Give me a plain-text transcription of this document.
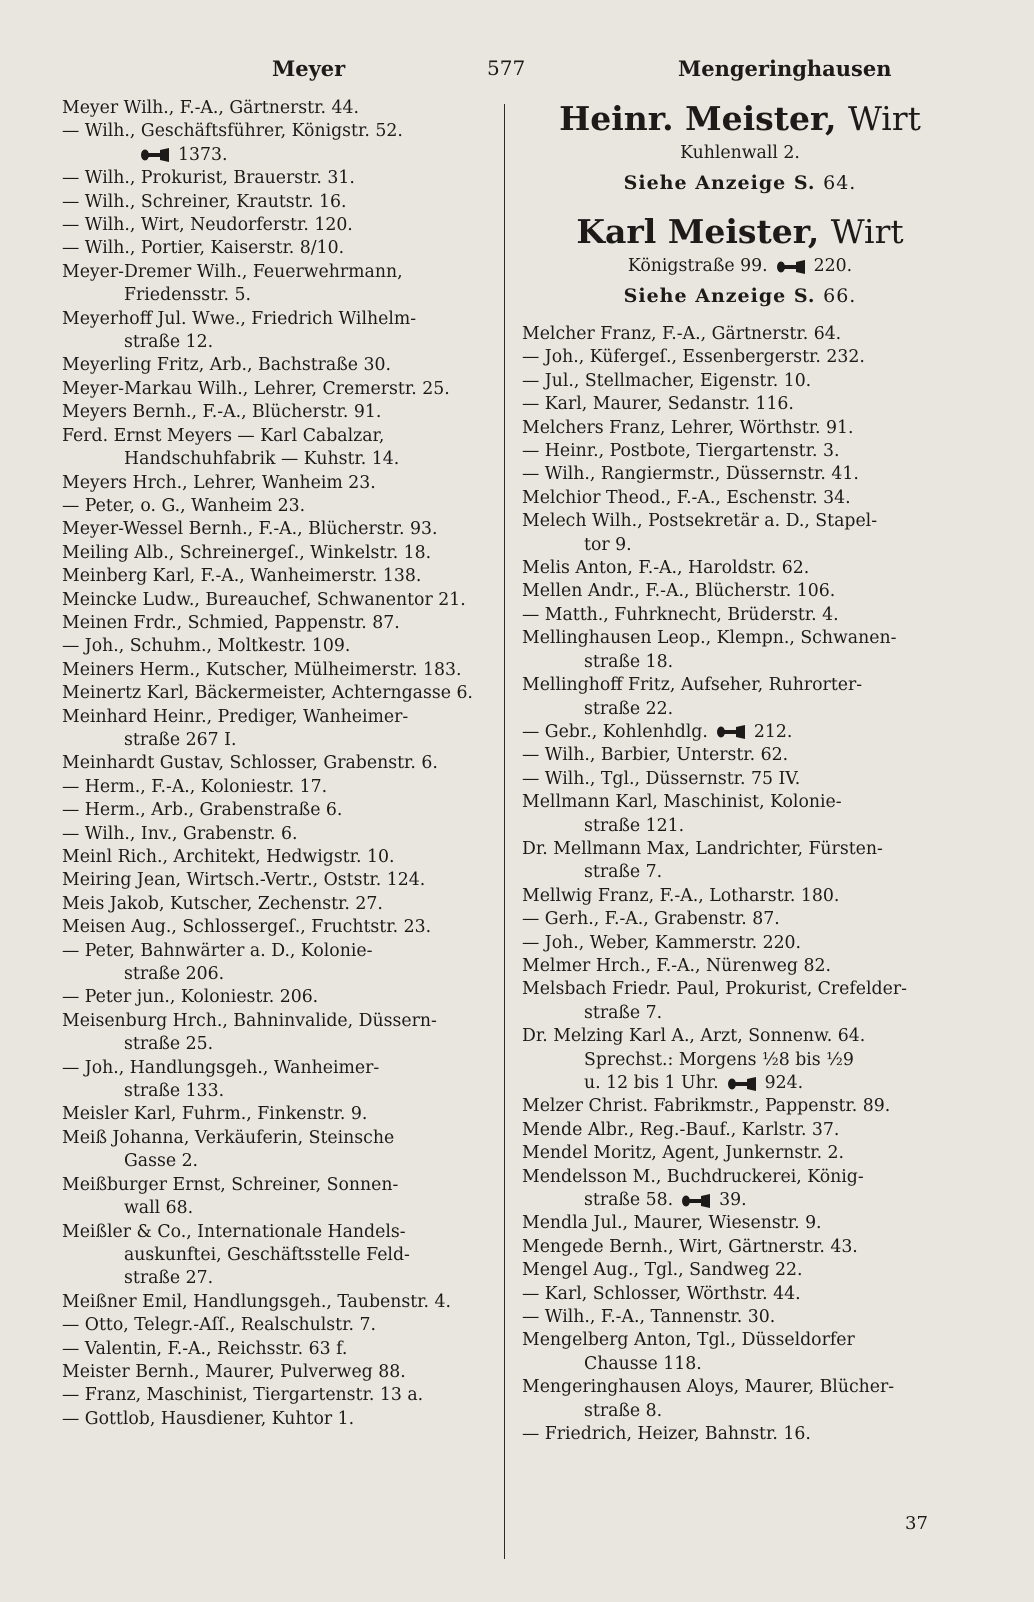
Meyer	577	Mengeringhausen
Meyer Wilh., F.-A., Gärtnerstr. 44.
— Wilh., Geschäftsführer, Königstr. 52.
1373.
— Wilh., Prokurist, Brauerstr. 31.
— Wilh., Schreiner, Krautstr. 16.
— Wilh., Wirt, Neudorferstr. 120.
— Wilh., Portier, Kaiserstr. 8/10.
Meyer-Dremer Wilh., Feuerwehrmann,
Friedensstr. 5.
Meyerhoff Jul. Wwe., Friedrich Wilhelm-
straße 12.
Meyerling Fritz, Arb., Bachstraße 30.
Meyer-Markau Wilh., Lehrer, Cremerstr. 25.
Meyers Bernh., F.-A., Blücherstr. 91.
Ferd. Ernst Meyers — Karl Cabalzar,
Handschuhfabrik — Kuhstr. 14.
Meyers Hrch., Lehrer, Wanheim 23.
— Peter, o. G., Wanheim 23.
Meyer-Wessel Bernh., F.-A., Blücherstr. 93.
Meiling Alb., Schreinergeſ., Winkelstr. 18.
Meinberg Karl, F.-A., Wanheimerstr. 138.
Meincke Ludw., Bureauchef, Schwanentor 21.
Meinen Frdr., Schmied, Pappenstr. 87.
— Joh., Schuhm., Moltkestr. 109.
Meiners Herm., Kutscher, Mülheimerstr. 183.
Meinertz Karl, Bäckermeister, Achterngasse 6.
Meinhard Heinr., Prediger, Wanheimer-
straße 267 I.
Meinhardt Gustav, Schlosser, Grabenstr. 6.
— Herm., F.-A., Koloniestr. 17.
— Herm., Arb., Grabenstraße 6.
— Wilh., Inv., Grabenstr. 6.
Meinl Rich., Architekt, Hedwigstr. 10.
Meiring Jean, Wirtsch.-Vertr., Oststr. 124.
Meis Jakob, Kutscher, Zechenstr. 27.
Meisen Aug., Schlossergeſ., Fruchtstr. 23.
— Peter, Bahnwärter a. D., Kolonie-
straße 206.
— Peter jun., Koloniestr. 206.
Meisenburg Hrch., Bahninvalide, Düssern-
straße 25.
— Joh., Handlungsgeh., Wanheimer-
straße 133.
Meisler Karl, Fuhrm., Finkenstr. 9.
Meiß Johanna, Verkäuferin, Steinsche
Gasse 2.
Meißburger Ernst, Schreiner, Sonnen-
wall 68.
Meißler & Co., Internationale Handels-
auskunftei, Geschäftsstelle Feld-
straße 27.
Meißner Emil, Handlungsgeh., Taubenstr. 4.
— Otto, Telegr.-Aſſ., Realschulstr. 7.
— Valentin, F.-A., Reichsstr. 63 f.
Meister Bernh., Maurer, Pulverweg 88.
— Franz, Maschinist, Tiergartenstr. 13 a.
— Gottlob, Hausdiener, Kuhtor 1.
Heinr. Meister, Wirt
Kuhlenwall 2.
Siehe Anzeige S. 64.
Karl Meister, Wirt
Königstraße 99.	220.
Siehe Anzeige S. 66.
Melcher Franz, F.-A., Gärtnerstr. 64.
— Joh., Küfergeſ., Essenbergerstr. 232.
— Jul., Stellmacher, Eigenstr. 10.
— Karl, Maurer, Sedanstr. 116.
Melchers Franz, Lehrer, Wörthstr. 91.
— Heinr., Postbote, Tiergartenstr. 3.
— Wilh., Rangiermstr., Düssernstr. 41.
Melchior Theod., F.-A., Eschenstr. 34.
Melech Wilh., Postsekretär a. D., Stapel-
tor 9.
Melis Anton, F.-A., Haroldstr. 62.
Mellen Andr., F.-A., Blücherstr. 106.
— Matth., Fuhrknecht, Brüderstr. 4.
Mellinghausen Leop., Klempn., Schwanen-
straße 18.
Mellinghoff Fritz, Aufseher, Ruhrorter-
straße 22.
— Gebr., Kohlenhdlg.	212.
— Wilh., Barbier, Unterstr. 62.
— Wilh., Tgl., Düssernstr. 75 IV.
Mellmann Karl, Maschinist, Kolonie-
straße 121.
Dr. Mellmann Max, Landrichter, Fürsten-
straße 7.
Mellwig Franz, F.-A., Lotharstr. 180.
— Gerh., F.-A., Grabenstr. 87.
— Joh., Weber, Kammerstr. 220.
Melmer Hrch., F.-A., Nürenweg 82.
Melsbach Friedr. Paul, Prokurist, Crefelder-
straße 7.
Dr. Melzing Karl A., Arzt, Sonnenw. 64.
Sprechst.: Morgens ½8 bis ½9
u. 12 bis 1 Uhr.	924.
Melzer Christ. Fabrikmstr., Pappenstr. 89.
Mende Albr., Reg.-Bauf., Karlstr. 37.
Mendel Moritz, Agent, Junkernstr. 2.
Mendelsson M., Buchdruckerei, König-
straße 58.	39.
Mendla Jul., Maurer, Wiesenstr. 9.
Mengede Bernh., Wirt, Gärtnerstr. 43.
Mengel Aug., Tgl., Sandweg 22.
— Karl, Schlosser, Wörthstr. 44.
— Wilh., F.-A., Tannenstr. 30.
Mengelberg Anton, Tgl., Düsseldorfer
Chausse 118.
Mengeringhausen Aloys, Maurer, Blücher-
straße 8.
— Friedrich, Heizer, Bahnstr. 16.
37
